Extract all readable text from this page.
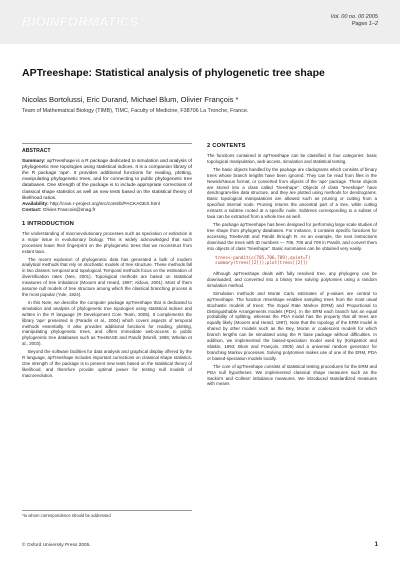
BIOINFORMATICS	Vol. 00 no. 00 2005
Pages 1–2
APTreeshape: Statistical analysis of phylogenetic tree shape
Nicolas Bortolussi, Eric Durand, Michael Blum, Olivier François *
Team of Mathematical Biology (TIMB), TIMC, Faculty of Medicine, F38706 La Tronche, France.
ABSTRACT

Summary: apTreeshape is a R package dedicated to simulation and analysis of phylogenetic tree topologies using statistical indices. It is a companion library of the R package 'ape'. It provides additional functions for reading, plotting, manipulating phylogenetic trees, and for connecting to public phylogenetic tree databases. One strength of the package is to include appropriate corrections of classical shape statistics as well as new tests based on the statistical theory of likelihood ratios.

Availability: http://cran.r-project.org/src/contrib/PACKAGES.html

Contact: Olivier.Francois@imag.fr

1 INTRODUCTION

The understanding of macroevolutionary processes such as speciation or extinction is a major issue in evolutionary biology. This is widely acknowledged that such processes leave their fingerprint on the phylogenetic trees that we reconstruct from extant taxa.

The recent explosion of phylogenetic data has generated a bulk of modern analytical methods that rely on stochastic models of tree structure. These methods fall in two classes: temporal and topological. Temporal methods focus on the estimation of diversification rates (Nee, 2001). Topological methods are based on statistical measures of tree imbalance (Mooers and Heard, 1997; Aldous, 2001). Most of them assume null models of tree structure among which the classical branching process is the most popular (Yule, 1924).

In this Note, we describe the computer package apTreeshape that is dedicated to simulation and analysis of phylogenetic tree topologies using statistical indices and written in the R language (R Development Core Team, 2005). It complements the library 'ape' presented in (Paradis et al., 2004) which covers aspects of temporal methods essentially. It also provides additional functions for reading, plotting, manipulating phylogenetic trees, and offers immediate web-access to public phylogenetic tree databases such as TreeBASE and Pandit (Morell, 1996; Whelan et al., 2003).

Beyond the software facilities for data analysis and graphical display offered by the R language, apTreeshape includes important corrections on classical shape statistics. One strength of the package is to present new tests based on the statistical theory of likelihood, and therefore provide optimal power for testing null models of macroevolution.

*to whom correspondence should be addressed
2 CONTENTS

The functions contained in apTreeshape can be classified in four categories: basic topological manipulation, web-access, simulation and statistical testing.

The basic objects handled by the package are cladograms which consists of binary trees whose branch lengths have been ignored. They can be read from files in the Newick/Nexus format, or converted from objects of the 'ape' package. These objects are stored into a class called "treeshape". Objects of class "treeshape" have dendrogram-like data structure, and they are plotted using methods for dendrograms. Basic topological manipulations are allowed such as pruning or cutting from a specified internal node. Pruning returns the ancestral part of a tree, while cutting extracts a subtree rooted at a specific node. Subtrees corresponding to a subset of taxa can be extracted from a whole tree as well.

The package apTreeshape has been designed for performing large scale studies of tree shape from phylogeny databases. For instance, it contains specific functions for accessing TreeBASE and Pandit through R. As an example, the next instructions download the trees with ID numbers — 705, 706 and 709 in Pandit, and convert them into objects of class "treeshape". Basic summaries can be obtained very easily.

trees<-pandit(c(705,706,709),quiet=T)
summary(trees[[2]]);plot(trees[[2]])

Although apTreeshape deals with fully resolved tree, any phylogeny can be downloaded, and converted into a binary tree solving polytomies using a random simulation method.

Simulation methods and Monte Carlo estimates of p-values are central to apTreeshape. The function rtreeshape enables sampling trees from the most usual stochastic models of trees: The Equal Rate Markov (ERM) and Proportional to Distinguishable Arrangements models (PDA). In the ERM each branch has an equal probability of splitting, whereas the PDA model has the property that all trees are equally likely (Mooers and Heard, 1997). Note that the topology of the ERM model is shared by other models such as the Bey, Moran or coalescent models for which branch lengths can be simulated using the R base package without difficulties. In addition, we implemented the biased-speciation model used by (Kirkpatrick and Slatkin, 1993; Blum and François, 2005) and a universal random generator for branching Markov processes. Solving polytomies makes use of one of the ERM, PDA or biased-speciation models locally.

The core of apTreeshape consists of statistical testing procedures for the ERM and PDA null hypotheses. We implemented classical shape measures such as the Sackin's and Colless' imbalance measures. We introduced standardized measures with means

© Oxford University Press 2005.	1
